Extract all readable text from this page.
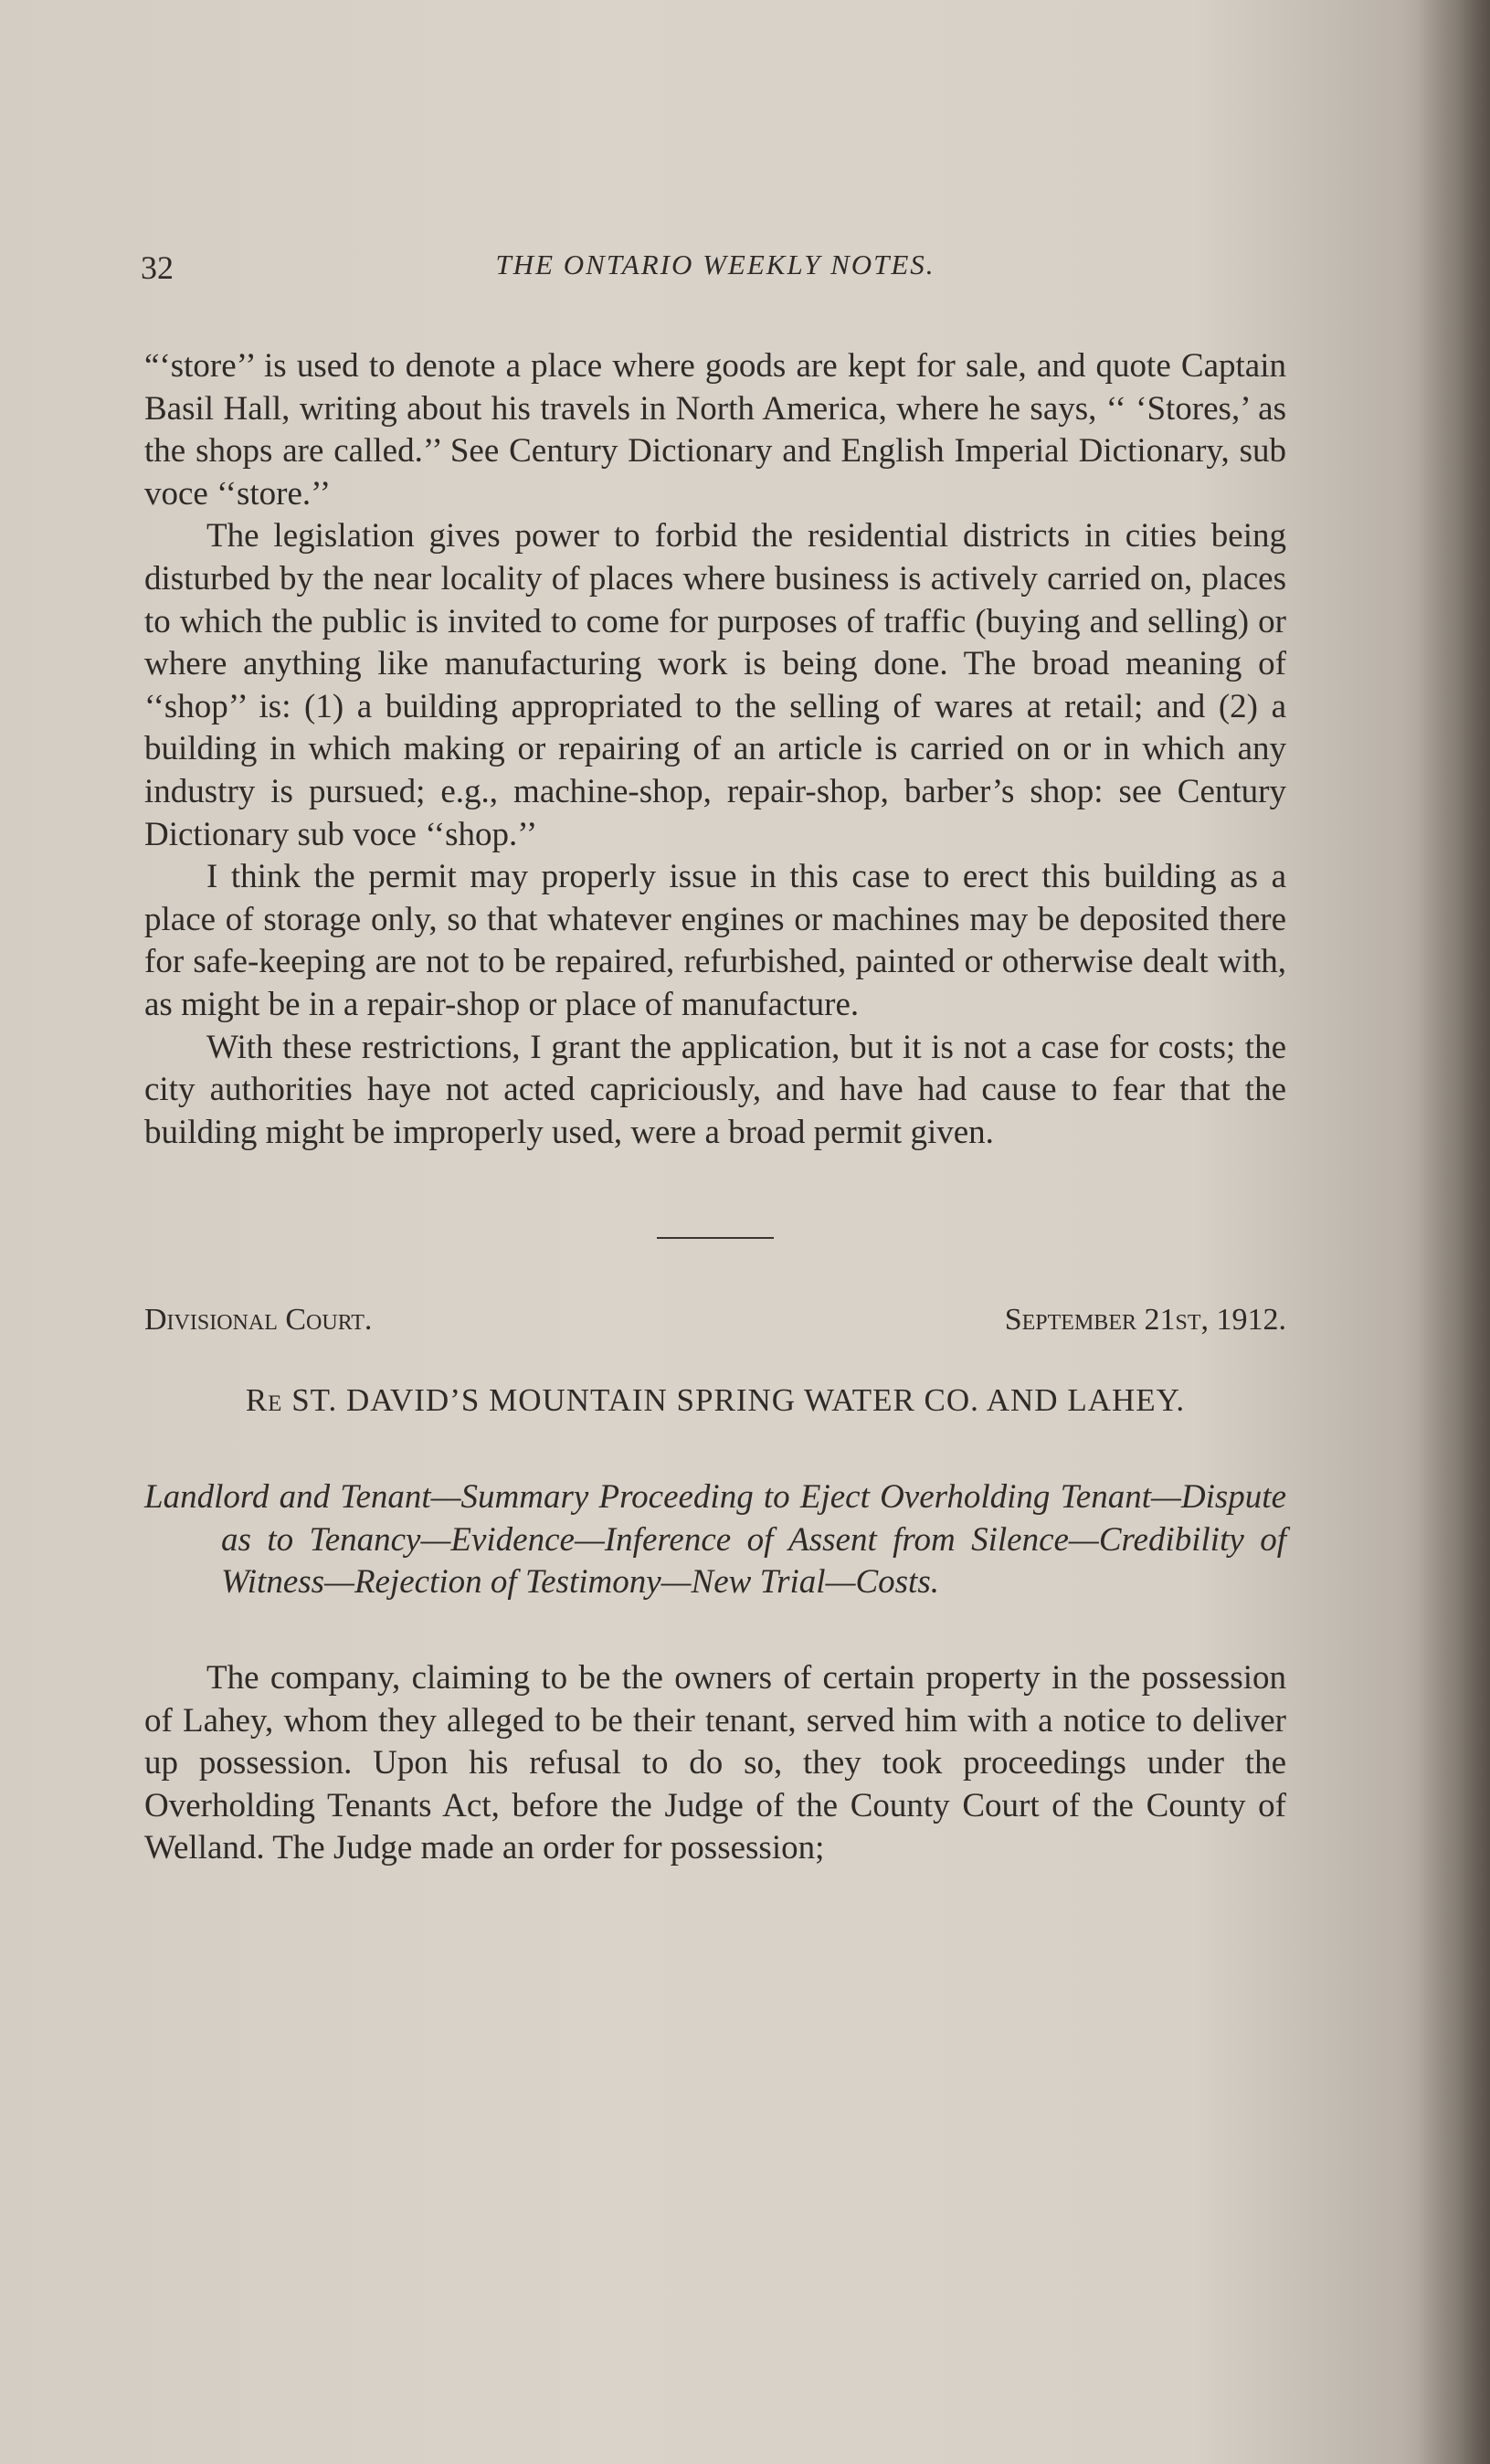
32	THE ONTARIO WEEKLY NOTES.

“‘store’’ is used to denote a place where goods are kept for sale, and quote Captain Basil Hall, writing about his travels in North America, where he says, ‘‘ ‘Stores,’ as the shops are called.’’ See Century Dictionary and English Imperial Dictionary, sub voce ‘‘store.’’

The legislation gives power to forbid the residential districts in cities being disturbed by the near locality of places where business is actively carried on, places to which the public is invited to come for purposes of traffic (buying and selling) or where anything like manufacturing work is being done. The broad meaning of ‘‘shop’’ is: (1) a building appropriated to the selling of wares at retail; and (2) a building in which making or repairing of an article is carried on or in which any industry is pursued; e.g., machine-shop, repair-shop, barber’s shop: see Century Dictionary sub voce ‘‘shop.’’

I think the permit may properly issue in this case to erect this building as a place of storage only, so that whatever engines or machines may be deposited there for safe-keeping are not to be repaired, refurbished, painted or otherwise dealt with, as might be in a repair-shop or place of manufacture.

With these restrictions, I grant the application, but it is not a case for costs; the city authorities haye not acted capriciously, and have had cause to fear that the building might be improperly used, were a broad permit given.

Divisional Court.	September 21st, 1912.
Re ST. DAVID’S MOUNTAIN SPRING WATER CO. AND LAHEY.
Landlord and Tenant—Summary Proceeding to Eject Overholding Tenant—Dispute as to Tenancy—Evidence—Inference of Assent from Silence—Credibility of Witness—Rejection of Testimony—New Trial—Costs.

The company, claiming to be the owners of certain property in the possession of Lahey, whom they alleged to be their tenant, served him with a notice to deliver up possession. Upon his refusal to do so, they took proceedings under the Overholding Tenants Act, before the Judge of the County Court of the County of Welland. The Judge made an order for possession;
